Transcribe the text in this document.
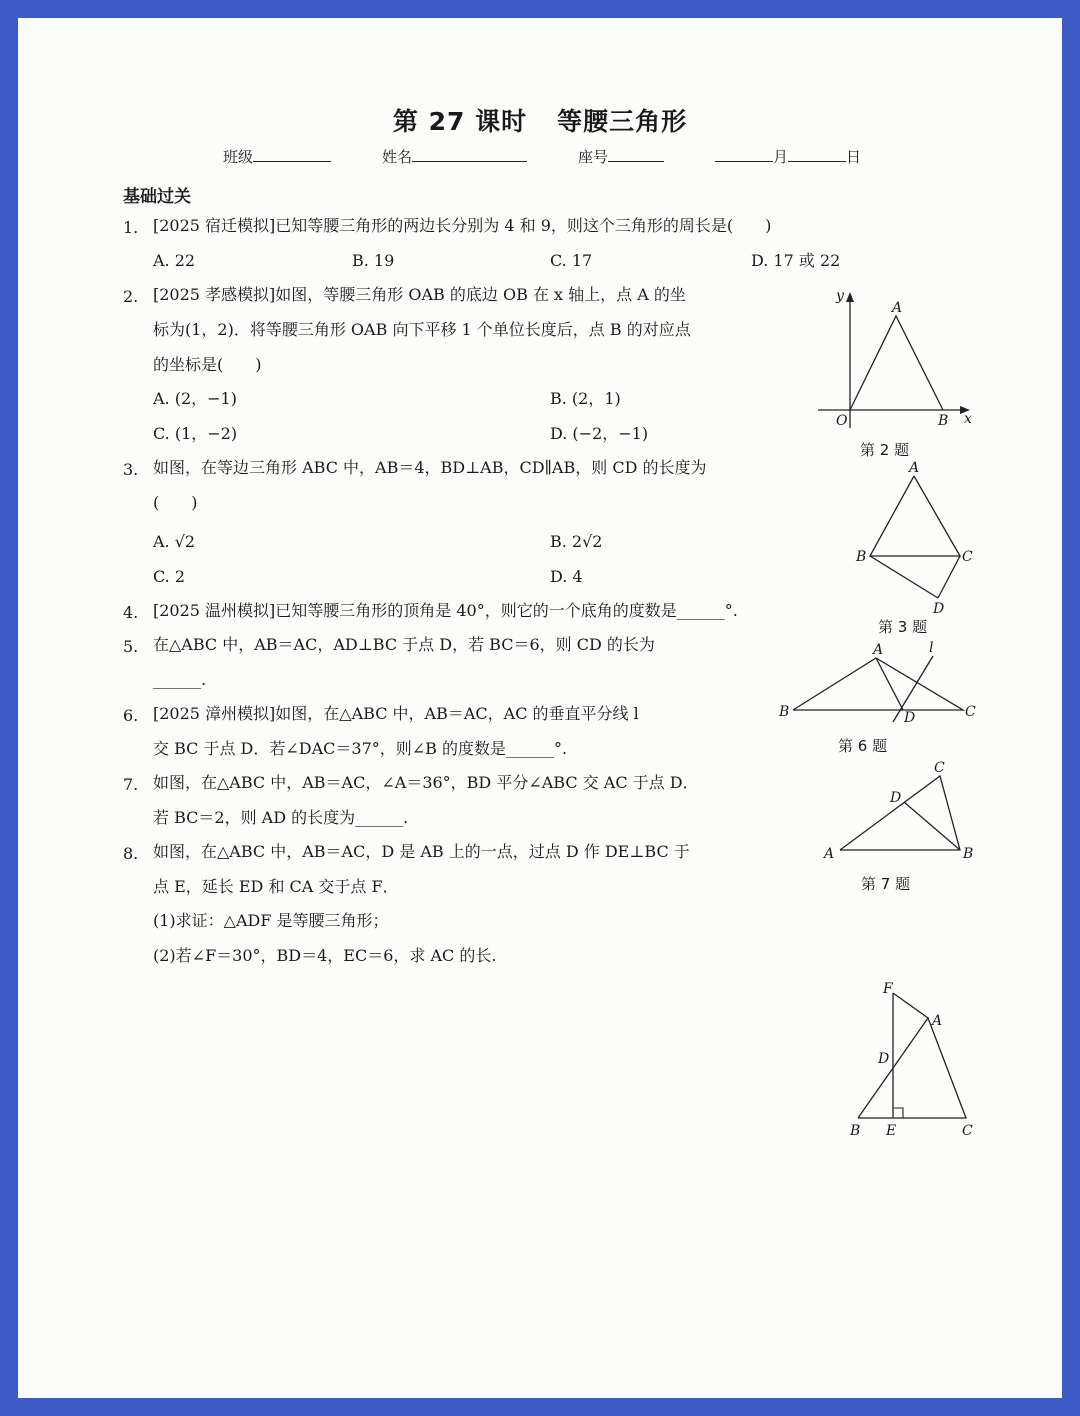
第 27 课时 等腰三角形
班级	姓名	座号	月	日
基础过关
1. [2025 宿迁模拟]已知等腰三角形的两边长分别为 4 和 9，则这个三角形的周长是(　　)
A. 22	B. 19	C. 17	D. 17 或 22
2. [2025 孝感模拟]如图，等腰三角形 OAB 的底边 OB 在 x 轴上，点 A 的坐
标为(1，2)．将等腰三角形 OAB 向下平移 1 个单位长度后，点 B 的对应点
的坐标是(　　)
A. (2，−1)	B. (2，1)
C. (1，−2)	D. (−2，−1)
3. 如图，在等边三角形 ABC 中，AB＝4，BD⊥AB，CD∥AB，则 CD 的长度为
(　　)
A. √2	B. 2√2
C. 2	D. 4
4. [2025 温州模拟]已知等腰三角形的顶角是 40°，则它的一个底角的度数是______°.
5. 在△ABC 中，AB＝AC，AD⊥BC 于点 D，若 BC＝6，则 CD 的长为
______.
6. [2025 漳州模拟]如图，在△ABC 中，AB＝AC，AC 的垂直平分线 l
交 BC 于点 D．若∠DAC＝37°，则∠B 的度数是______°.
7. 如图，在△ABC 中，AB＝AC，∠A＝36°，BD 平分∠ABC 交 AC 于点 D．
若 BC＝2，则 AD 的长度为______.
8. 如图，在△ABC 中，AB＝AC，D 是 AB 上的一点，过点 D 作 DE⊥BC 于
点 E，延长 ED 和 CA 交于点 F．
(1)求证：△ADF 是等腰三角形；
(2)若∠F＝30°，BD＝4，EC＝6，求 AC 的长.
y
A
O	B x
第 2 题
A
B	C
D
第 3 题
A
B	C
D
l
第 6 题
A	B
C
D
第 7 题
F
A
D
B E	C
